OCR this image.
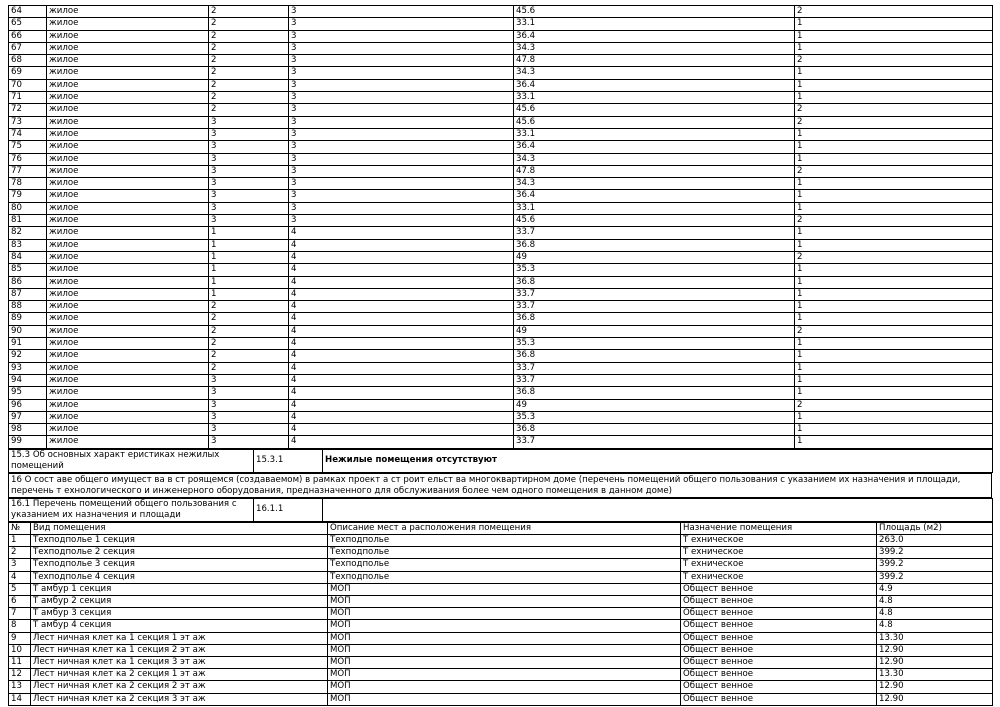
64	жилое	2	3	45.6	2
65	жилое	2	3	33.1	1
66	жилое	2	3	36.4	1
67	жилое	2	3	34.3	1
68	жилое	2	3	47.8	2
69	жилое	2	3	34.3	1
70	жилое	2	3	36.4	1
71	жилое	2	3	33.1	1
72	жилое	2	3	45.6	2
73	жилое	3	3	45.6	2
74	жилое	3	3	33.1	1
75	жилое	3	3	36.4	1
76	жилое	3	3	34.3	1
77	жилое	3	3	47.8	2
78	жилое	3	3	34.3	1
79	жилое	3	3	36.4	1
80	жилое	3	3	33.1	1
81	жилое	3	3	45.6	2
82	жилое	1	4	33.7	1
83	жилое	1	4	36.8	1
84	жилое	1	4	49	2
85	жилое	1	4	35.3	1
86	жилое	1	4	36.8	1
87	жилое	1	4	33.7	1
88	жилое	2	4	33.7	1
89	жилое	2	4	36.8	1
90	жилое	2	4	49	2
91	жилое	2	4	35.3	1
92	жилое	2	4	36.8	1
93	жилое	2	4	33.7	1
94	жилое	3	4	33.7	1
95	жилое	3	4	36.8	1
96	жилое	3	4	49	2
97	жилое	3	4	35.3	1
98	жилое	3	4	36.8	1
99	жилое	3	4	33.7	1
15.3 Об основных характ еристиках нежилых помещений	15.3.1	Нежилые помещения отсутствуют
16 О сост аве общего имущест ва в ст роящемся (создаваемом) в рамках проект а ст роит ельст ва многоквартирном доме (перечень помещений общего пользования с указанием их назначения и площади, перечень т ехнологического и инженерного оборудования, предназначенного для обслуживания более чем одного помещения в данном доме)
16.1 Перечень помещений общего пользования с указанием их назначения и площади	16.1.1	
№	Вид помещения	Описание мест а расположения помещения	Назначение помещения	Площадь (м2)
1	Техподполье 1 секция	Техподполье	Т ехническое	263.0
2	Техподполье 2 секция	Техподполье	Т ехническое	399.2
3	Техподполье 3 секция	Техподполье	Т ехническое	399.2
4	Техподполье 4 секция	Техподполье	Т ехническое	399.2
5	Т амбур 1 секция	МОП	Общест венное	4.9
6	Т амбур 2 секция	МОП	Общест венное	4.8
7	Т амбур 3 секция	МОП	Общест венное	4.8
8	Т амбур 4 секция	МОП	Общест венное	4.8
9	Лест ничная клет ка 1 секция 1 эт аж	МОП	Общест венное	13.30
10	Лест ничная клет ка 1 секция 2 эт аж	МОП	Общест венное	12.90
11	Лест ничная клет ка 1 секция 3 эт аж	МОП	Общест венное	12.90
12	Лест ничная клет ка 2 секция 1 эт аж	МОП	Общест венное	13.30
13	Лест ничная клет ка 2 секция 2 эт аж	МОП	Общест венное	12.90
14	Лест ничная клет ка 2 секция 3 эт аж	МОП	Общест венное	12.90
